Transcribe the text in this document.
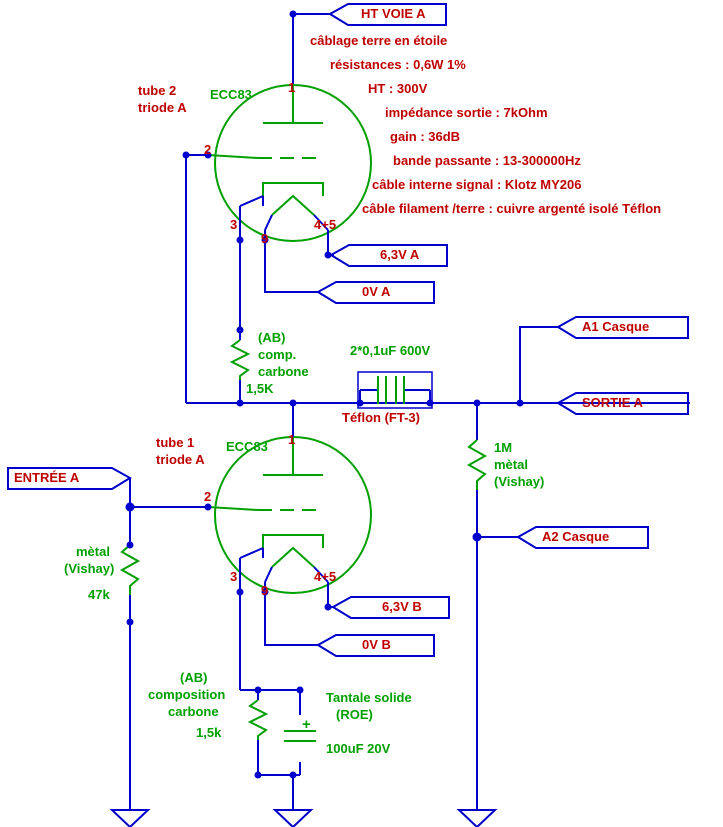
câblage terre en étoile
résistances : 0,6W 1%
HT : 300V
impédance sortie : 7kOhm
gain : 36dB
bande passante : 13-300000Hz
câble interne signal : Klotz MY206
câble filament /terre : cuivre argenté isolé Téflon
HT VOIE A
6,3V A
0V A
A1 Casque
SORTIE A
ENTRÉE A
A2 Casque
6,3V B
0V B
tube 2
triode A
ECC83	1
2
3
9
4+5
tube 1
triode A
ECC83 1
2
3
9
4+5
(AB)
comp.
carbone
1,5K
2*0,1uF 600V
Téflon (FT-3)
1M
mètal
(Vishay)
mètal
(Vishay)
47k
(AB)
composition
carbone
1,5k
Tantale solide
(ROE)
100uF 20V
+
